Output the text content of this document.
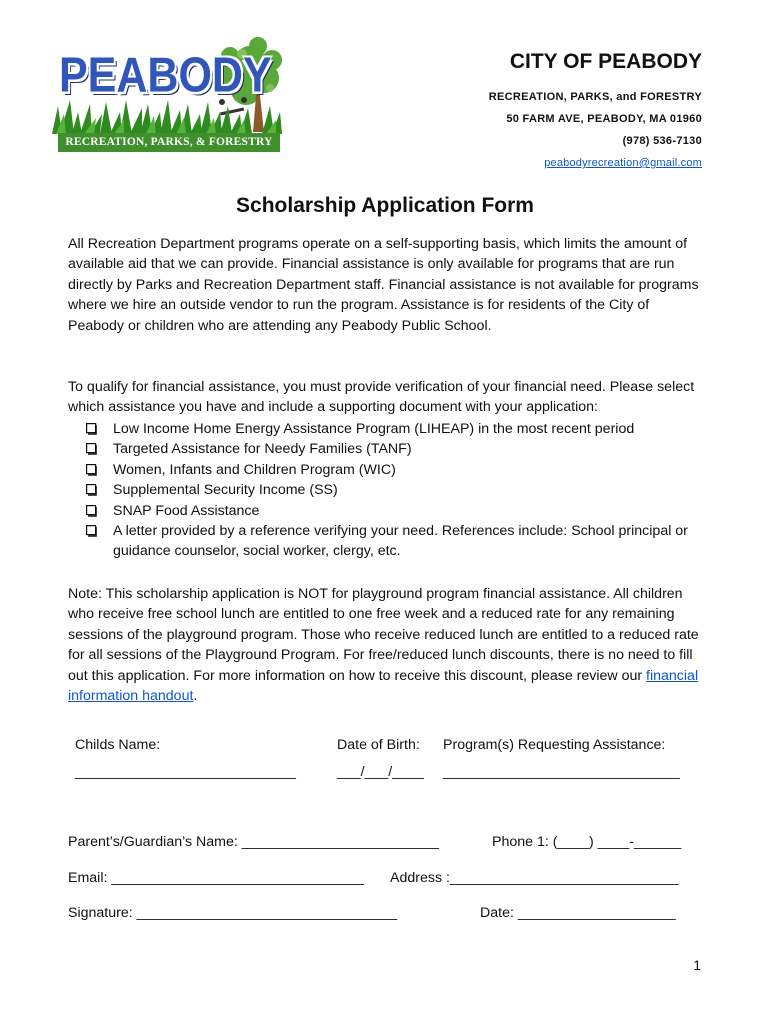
PEABODY
RECREATION, PARKS, & FORESTRY
CITY OF PEABODY
RECREATION, PARKS, and FORESTRY
50 FARM AVE, PEABODY, MA 01960
(978) 536-7130
peabodyrecreation@gmail.com
Scholarship Application Form
All Recreation Department programs operate on a self-supporting basis, which limits the amount of available aid that we can provide. Financial assistance is only available for programs that are run directly by Parks and Recreation Department staff. Financial assistance is not available for programs where we hire an outside vendor to run the program. Assistance is for residents of the City of Peabody or children who are attending any Peabody Public School.
To qualify for financial assistance, you must provide verification of your financial need. Please select which assistance you have and include a supporting document with your application:
Low Income Home Energy Assistance Program (LIHEAP) in the most recent period
Targeted Assistance for Needy Families (TANF)
Women, Infants and Children Program (WIC)
Supplemental Security Income (SS)
SNAP Food Assistance
A letter provided by a reference verifying your need. References include: School principal or guidance counselor, social worker, clergy, etc.
Note: This scholarship application is NOT for playground program financial assistance. All children who receive free school lunch are entitled to one free week and a reduced rate for any remaining sessions of the playground program. Those who receive reduced lunch are entitled to a reduced rate for all sessions of the Playground Program. For free/reduced lunch discounts, there is no need to fill out this application. For more information on how to receive this discount, please review our financial information handout.
Childs Name:	Date of Birth: Program(s) Requesting Assistance:
____________________________	___/___/____ ______________________________
Parent’s/Guardian’s Name: _________________________	Phone 1: (____) ____-______
Email: ________________________________ Address :_____________________________
Signature: _________________________________	Date: ____________________
1
